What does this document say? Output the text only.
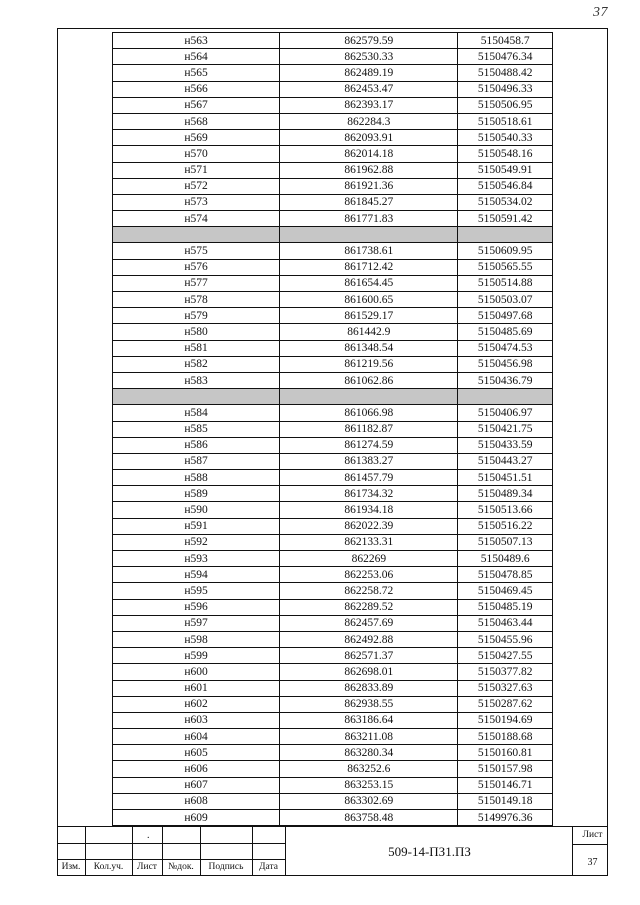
37
н563	862579.59	5150458.7
н564	862530.33	5150476.34
н565	862489.19	5150488.42
н566	862453.47	5150496.33
н567	862393.17	5150506.95
н568	862284.3	5150518.61
н569	862093.91	5150540.33
н570	862014.18	5150548.16
н571	861962.88	5150549.91
н572	861921.36	5150546.84
н573	861845.27	5150534.02
н574	861771.83	5150591.42

н575	861738.61	5150609.95
н576	861712.42	5150565.55
н577	861654.45	5150514.88
н578	861600.65	5150503.07
н579	861529.17	5150497.68
н580	861442.9	5150485.69
н581	861348.54	5150474.53
н582	861219.56	5150456.98
н583	861062.86	5150436.79

н584	861066.98	5150406.97
н585	861182.87	5150421.75
н586	861274.59	5150433.59
н587	861383.27	5150443.27
н588	861457.79	5150451.51
н589	861734.32	5150489.34
н590	861934.18	5150513.66
н591	862022.39	5150516.22
н592	862133.31	5150507.13
н593	862269	5150489.6
н594	862253.06	5150478.85
н595	862258.72	5150469.45
н596	862289.52	5150485.19
н597	862457.69	5150463.44
н598	862492.88	5150455.96
н599	862571.37	5150427.55
н600	862698.01	5150377.82
н601	862833.89	5150327.63
н602	862938.55	5150287.62
н603	863186.64	5150194.69
н604	863211.08	5150188.68
н605	863280.34	5150160.81
н606	863252.6	5150157.98
н607	863253.15	5150146.71
н608	863302.69	5150149.18
н609	863758.48	5149976.36
.
Изм.	Кол.уч.	Лист	№док.	Подпись	Дата
509-14-ПЗ1.ПЗ
Лист
37
